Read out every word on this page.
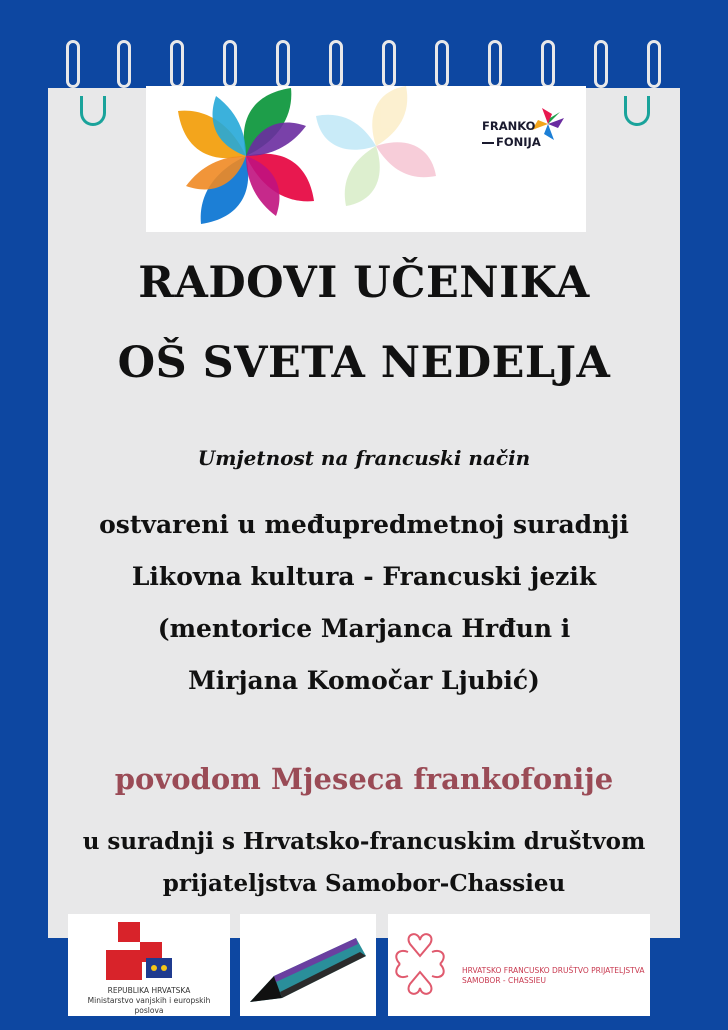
FRANKO
FONIJA
RADOVI UČENIKA
OŠ SVETA NEDELJA
Umjetnost na francuski način
ostvareni u međupredmetnoj suradnji
Likovna kultura - Francuski jezik
(mentorice Marjanca Hrđun i
Mirjana Komočar Ljubić)
povodom Mjeseca frankofonije
u suradnji s Hrvatsko-francuskim društvom
prijateljstva Samobor-Chassieu
REPUBLIKA HRVATSKA
Ministarstvo vanjskih i europskih poslova
HRVATSKO FRANCUSKO DRUŠTVO PRIJATELJSTVA
SAMOBOR - CHASSIEU
